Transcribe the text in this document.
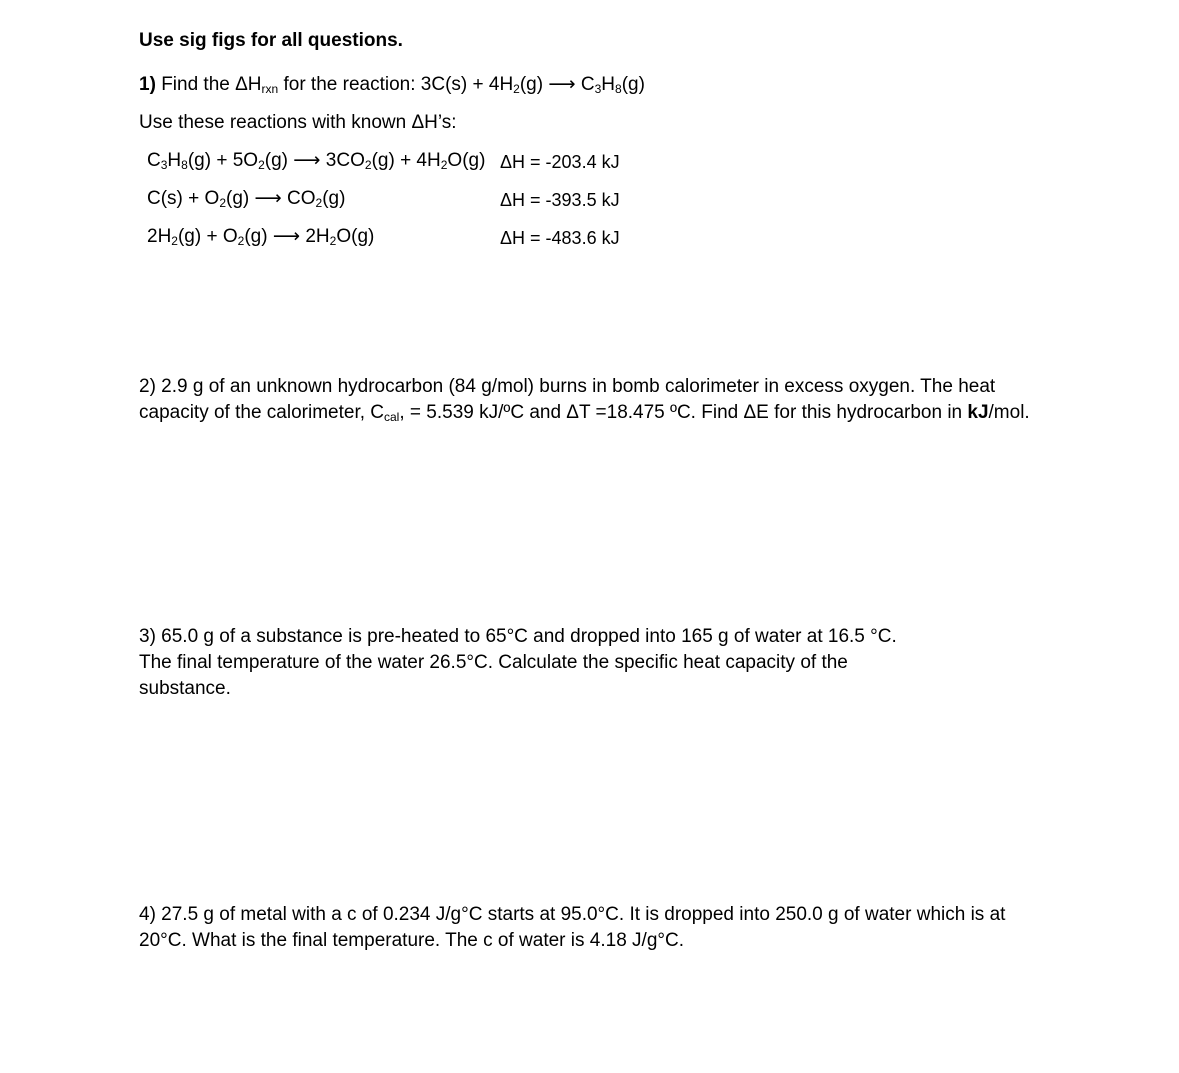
Use sig figs for all questions.
1) Find the $\Delta H_{rxn}$ for the reaction: $3C(s) + 4H_2(g)$ ⟶ $C_3H_8(g)$
Use these reactions with known ΔH’s:
$C_3H_8(g) + 5O_2(g)$ ⟶ $3CO_2(g) + 4H_2O(g) \Delta H = -203.4$ kJ
$C(s) + O_2(g)$ ⟶ $CO_2(g)$	ΔH = -393.5 kJ
$2H_2(g) + O_2(g)$ ⟶ $2H_2O(g)$	ΔH = -483.6 kJ
2) 2.9 g of an unknown hydrocarbon (84 g/mol) burns in bomb calorimeter in excess oxygen. The heat
capacity of the calorimeter, $C_{cal}$, = 5.539 kJ/ºC and ΔT =18.475 ºC. Find ΔE for this hydrocarbon in kJ/mol.
3) 65.0 g of a substance is pre-heated to 65°C and dropped into 165 g of water at 16.5 °C.
The final temperature of the water 26.5°C. Calculate the specific heat capacity of the
substance.
4) 27.5 g of metal with a c of 0.234 J/g°C starts at 95.0°C. It is dropped into 250.0 g of water which is at
20°C. What is the final temperature. The c of water is 4.18 J/g°C.
